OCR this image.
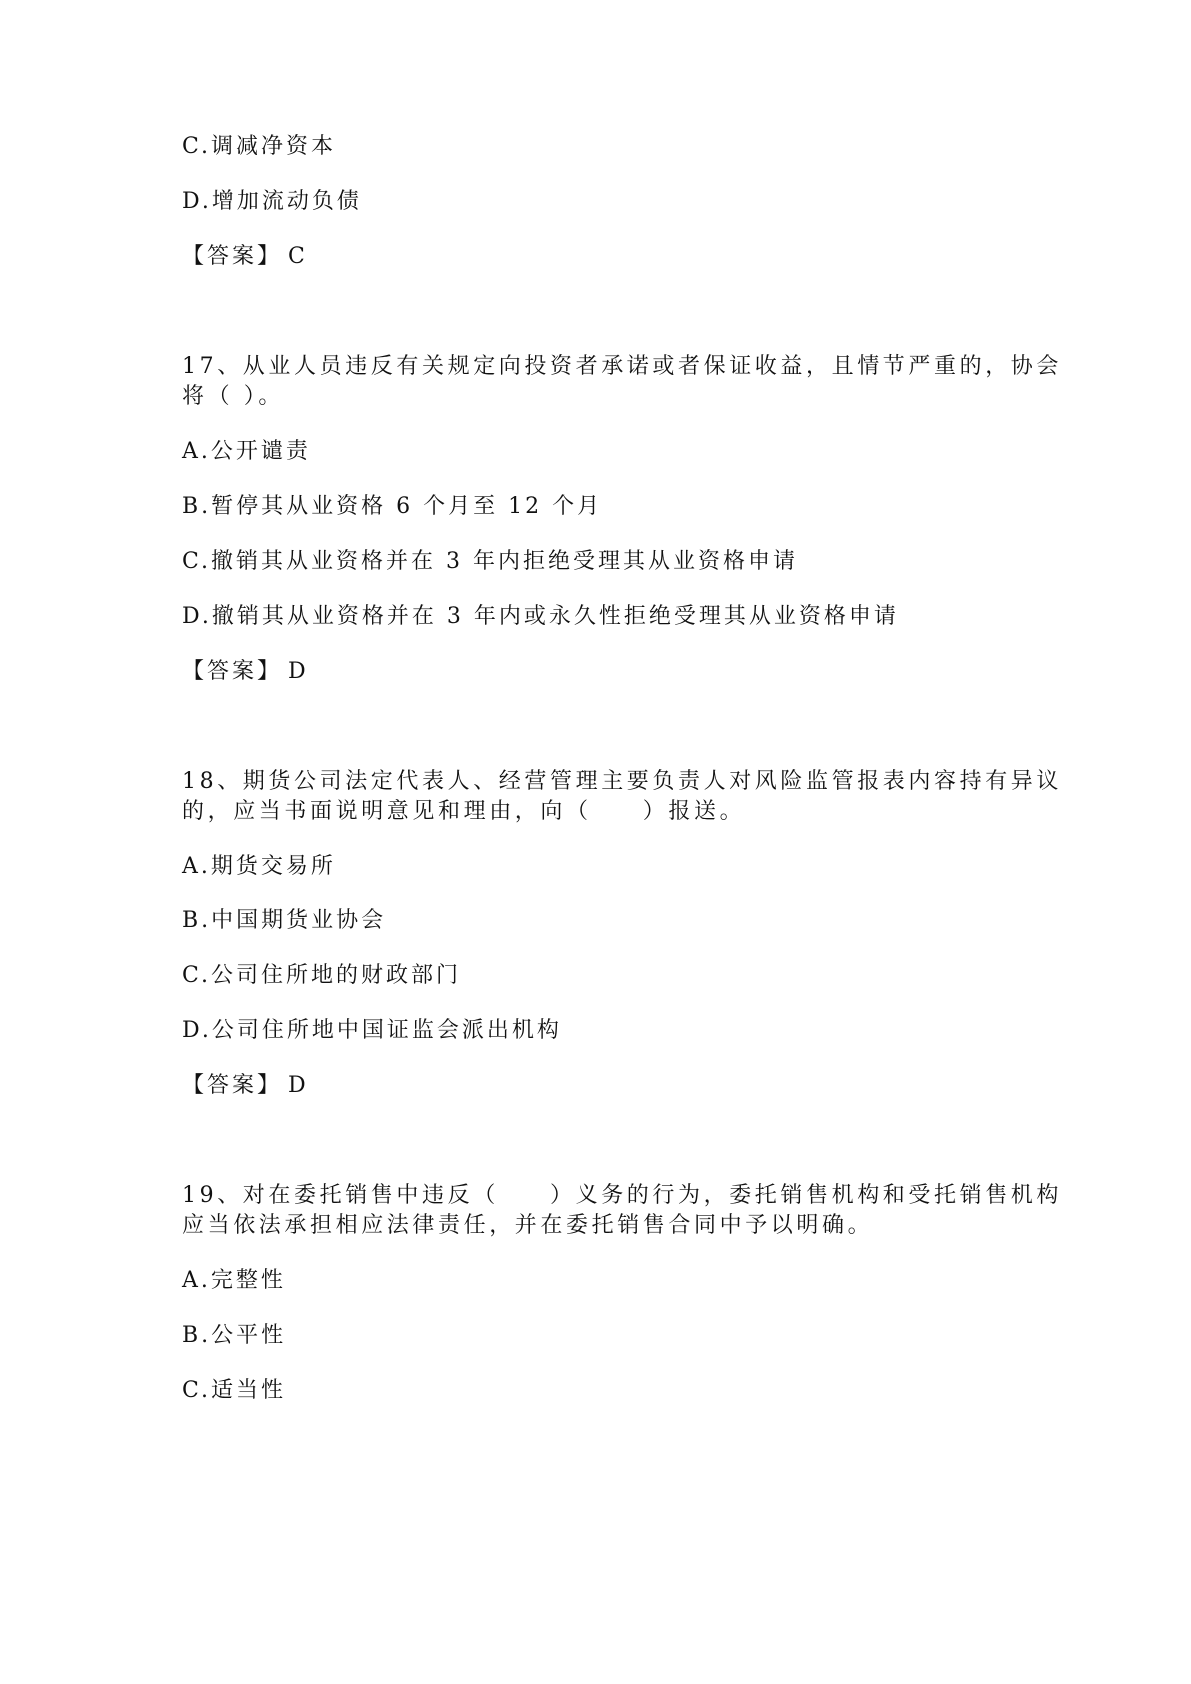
C.调减净资本
D.增加流动负债
【答案】 C
17、从业人员违反有关规定向投资者承诺或者保证收益，且情节严重的，协会
将（ ）。
A.公开谴责
B.暂停其从业资格 6 个月至 12 个月
C.撤销其从业资格并在 3 年内拒绝受理其从业资格申请
D.撤销其从业资格并在 3 年内或永久性拒绝受理其从业资格申请
【答案】 D
18、期货公司法定代表人、经营管理主要负责人对风险监管报表内容持有异议
的，应当书面说明意见和理由，向（　　）报送。
A.期货交易所
B.中国期货业协会
C.公司住所地的财政部门
D.公司住所地中国证监会派出机构
【答案】 D
19、对在委托销售中违反（　　）义务的行为，委托销售机构和受托销售机构
应当依法承担相应法律责任，并在委托销售合同中予以明确。
A.完整性
B.公平性
C.适当性
